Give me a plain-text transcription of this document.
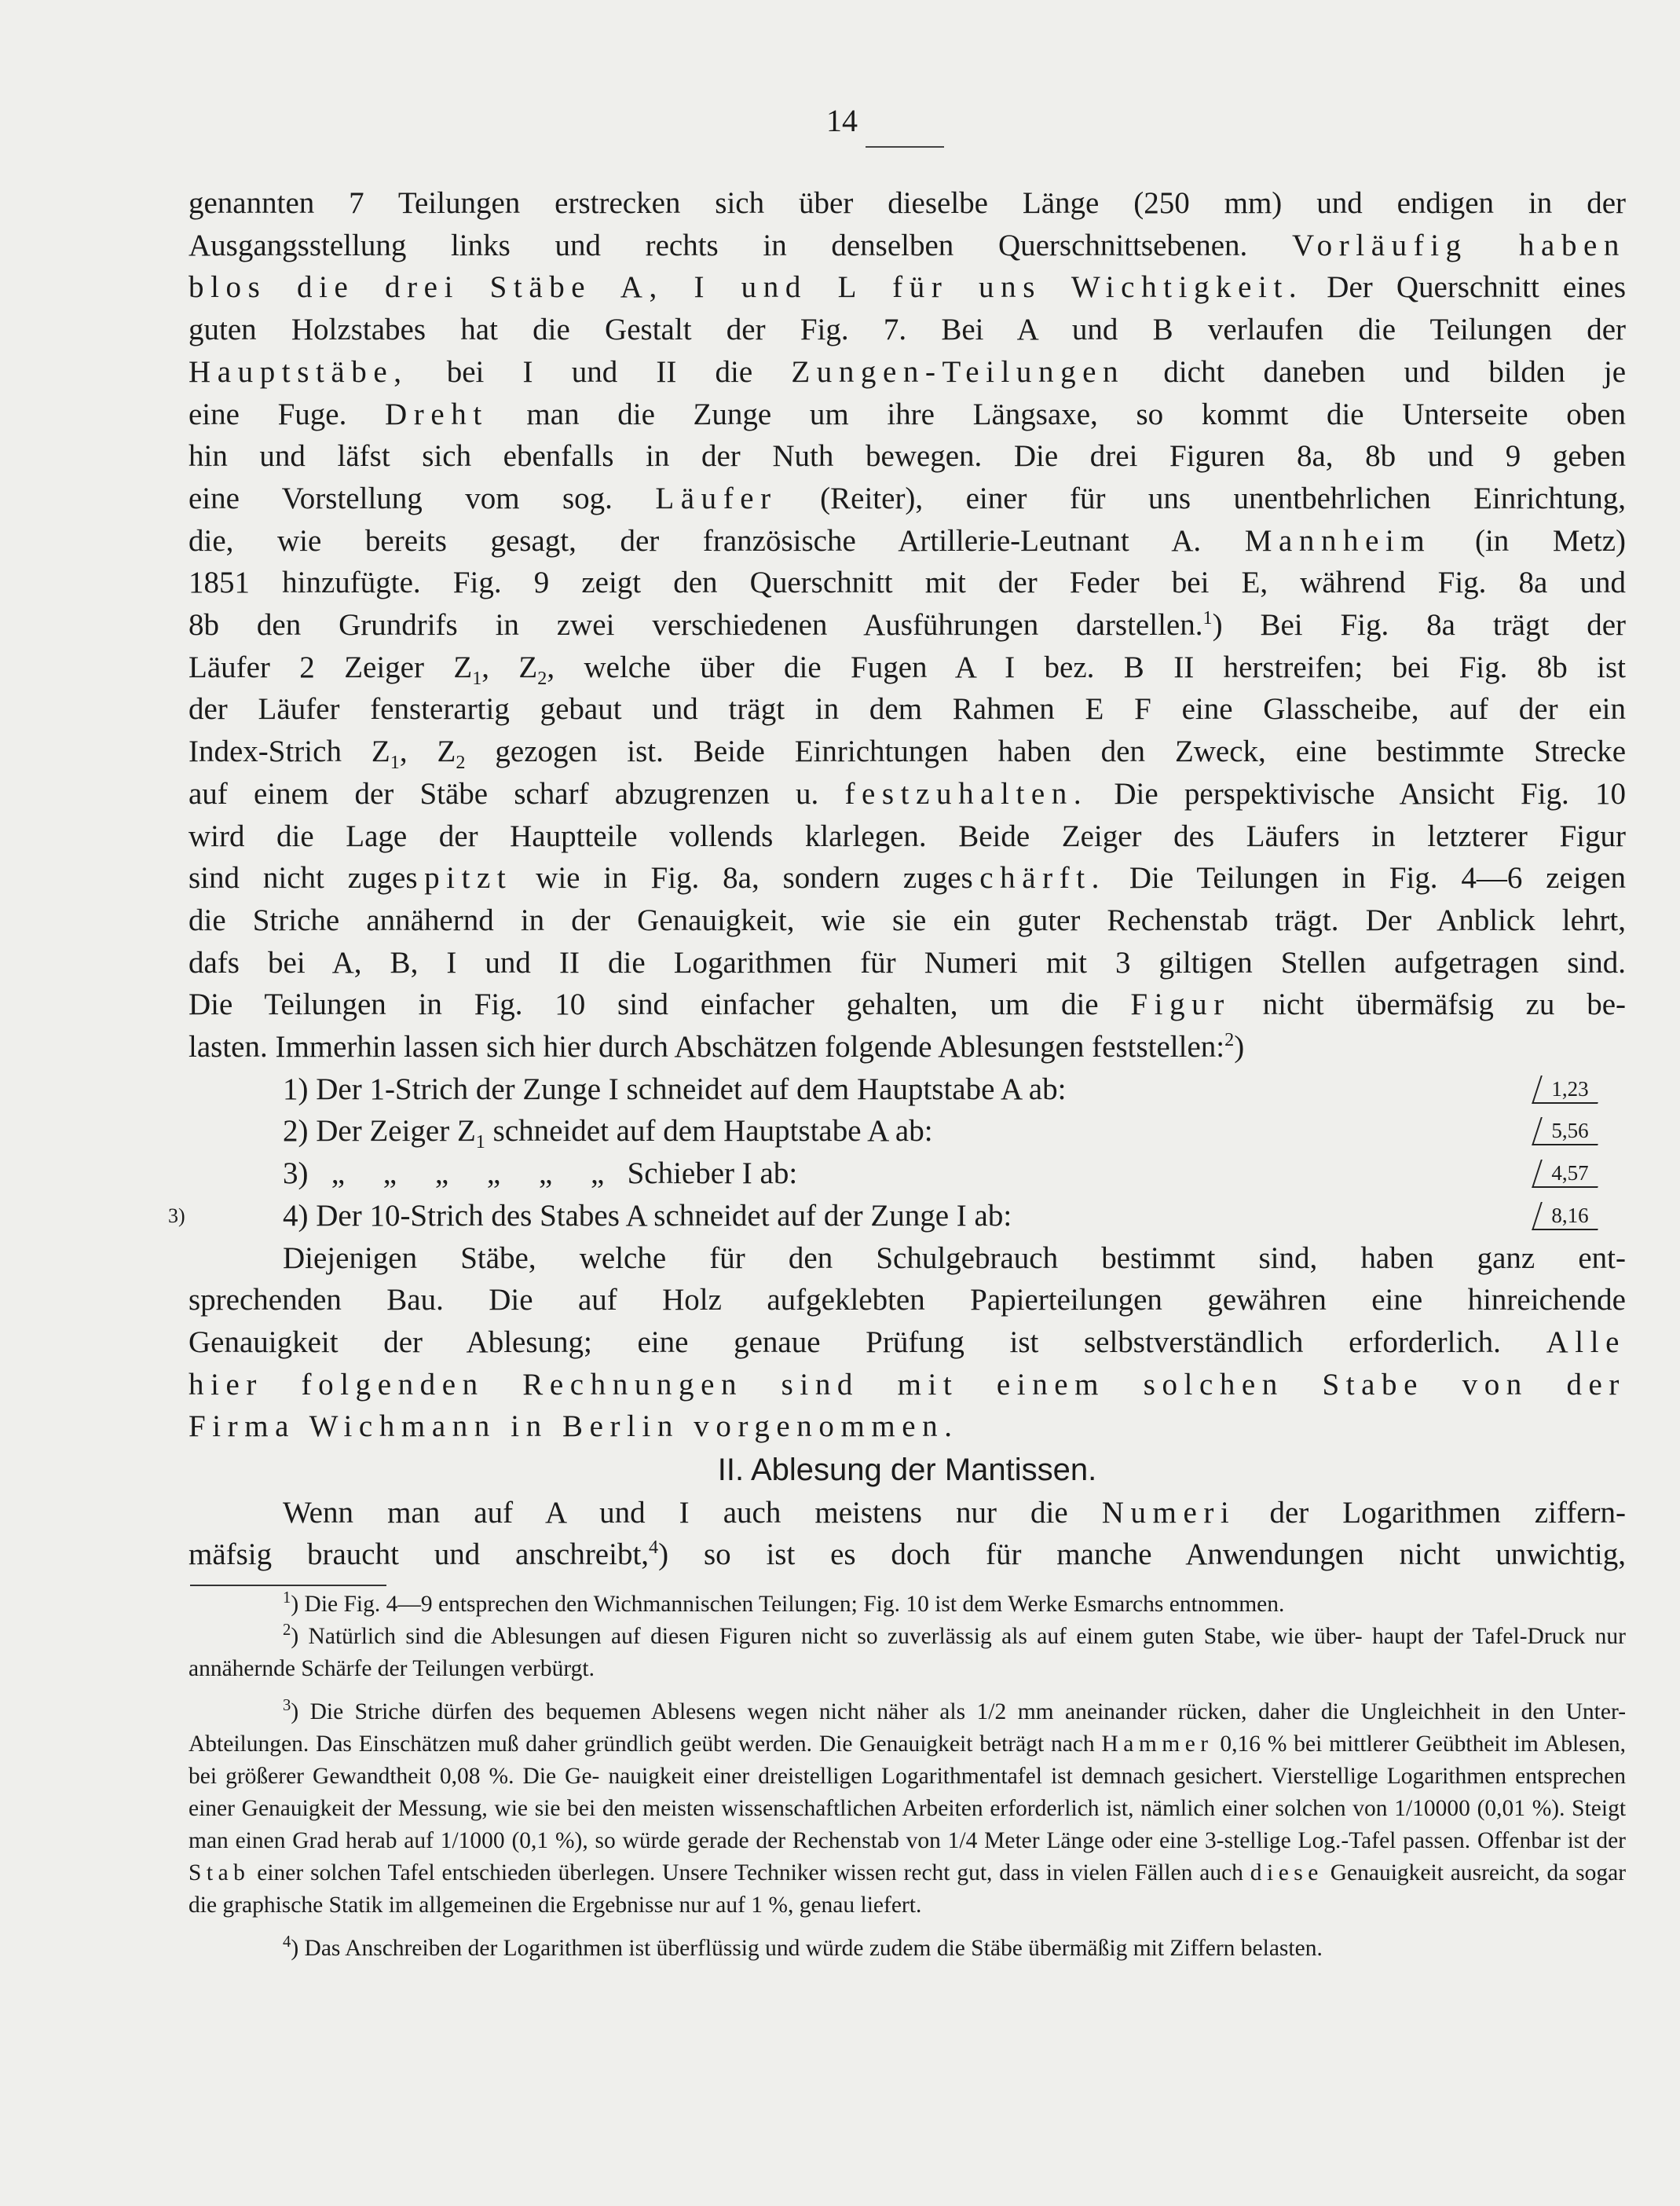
14

genannten 7 Teilungen erstrecken sich über dieselbe Länge (250 mm) und endigen in der

Ausgangsstellung links und rechts in denselben Querschnittsebenen. Vorläufig haben

blos die drei Stäbe A, I und L für uns Wichtigkeit. Der Querschnitt eines

guten Holzstabes hat die Gestalt der Fig. 7. Bei A und B verlaufen die Teilungen der

Hauptstäbe, bei I und II die Zungen-Teilungen dicht daneben und bilden je

eine Fuge. Dreht man die Zunge um ihre Längsaxe, so kommt die Unterseite oben

hin und läfst sich ebenfalls in der Nuth bewegen. Die drei Figuren 8a, 8b und 9 geben

eine Vorstellung vom sog. Läufer (Reiter), einer für uns unentbehrlichen Einrichtung,

die, wie bereits gesagt, der französische Artillerie-Leutnant A. Mannheim (in Metz)

1851 hinzufügte. Fig. 9 zeigt den Querschnitt mit der Feder bei E, während Fig. 8a und

8b den Grundrifs in zwei verschiedenen Ausführungen darstellen.$^1$) Bei Fig. 8a trägt der

Läufer 2 Zeiger $Z_1$, $Z_2$, welche über die Fugen A I bez. B II herstreifen; bei Fig. 8b ist

der Läufer fensterartig gebaut und trägt in dem Rahmen E F eine Glasscheibe, auf der ein

Index-Strich $Z_1$, $Z_2$ gezogen ist. Beide Einrichtungen haben den Zweck, eine bestimmte Strecke

auf einem der Stäbe scharf abzugrenzen u. festzuhalten. Die perspektivische Ansicht Fig. 10

wird die Lage der Hauptteile vollends klarlegen. Beide Zeiger des Läufers in letzterer Figur

sind nicht zugespitzt wie in Fig. 8a, sondern zugeschärft. Die Teilungen in Fig. 4—6 zeigen

die Striche annähernd in der Genauigkeit, wie sie ein guter Rechenstab trägt. Der Anblick lehrt,

dafs bei A, B, I und II die Logarithmen für Numeri mit 3 giltigen Stellen aufgetragen sind.

Die Teilungen in Fig. 10 sind einfacher gehalten, um die Figur nicht übermäfsig zu be-

lasten. Immerhin lassen sich hier durch Abschätzen folgende Ablesungen feststellen:$^2$)

1) Der 1-Strich der Zunge I schneidet auf dem Hauptstabe A ab:	1,23
2) Der Zeiger $Z_1$ schneidet auf dem Hauptstabe A ab:	5,56
3)   „     „     „     „     „     „   Schieber I ab:	4,57
4) Der 10-Strich des Stabes A schneidet auf der Zunge I ab:	8,16
3)

Diejenigen Stäbe, welche für den Schulgebrauch bestimmt sind, haben ganz ent-

sprechenden Bau. Die auf Holz aufgeklebten Papierteilungen gewähren eine hinreichende

Genauigkeit der Ablesung; eine genaue Prüfung ist selbstverständlich erforderlich. Alle

hier folgenden Rechnungen sind mit einem solchen Stabe von der

Firma Wichmann in Berlin vorgenommen.

II. Ablesung der Mantissen.

Wenn man auf A und I auch meistens nur die Numeri der Logarithmen ziffern-

mäfsig braucht und anschreibt,$^4$) so ist es doch für manche Anwendungen nicht unwichtig,

$^1$) Die Fig. 4—9 entsprechen den Wichmannischen Teilungen; Fig. 10 ist dem Werke Esmarchs entnommen.

$^2$) Natürlich sind die Ablesungen auf diesen Figuren nicht so zuverlässig als auf einem guten Stabe, wie über- haupt der Tafel-Druck nur annähernde Schärfe der Teilungen verbürgt.

$^3$) Die Striche dürfen des bequemen Ablesens wegen nicht näher als 1/2 mm aneinander rücken, daher die Ungleichheit in den Unter-Abteilungen. Das Einschätzen muß daher gründlich geübt werden. Die Genauigkeit beträgt nach Hammer 0,16 % bei mittlerer Geübtheit im Ablesen, bei größerer Gewandtheit 0,08 %. Die Ge- nauigkeit einer dreistelligen Logarithmentafel ist demnach gesichert. Vierstellige Logarithmen entsprechen einer Genauigkeit der Messung, wie sie bei den meisten wissenschaftlichen Arbeiten erforderlich ist, nämlich einer solchen von 1/10000 (0,01 %). Steigt man einen Grad herab auf 1/1000 (0,1 %), so würde gerade der Rechenstab von 1/4 Meter Länge oder eine 3-stellige Log.-Tafel passen. Offenbar ist der Stab einer solchen Tafel entschieden überlegen. Unsere Techniker wissen recht gut, dass in vielen Fällen auch diese Genauigkeit ausreicht, da sogar die graphische Statik im allgemeinen die Ergebnisse nur auf 1 %, genau liefert.

$^4$) Das Anschreiben der Logarithmen ist überflüssig und würde zudem die Stäbe übermäßig mit Ziffern belasten.
